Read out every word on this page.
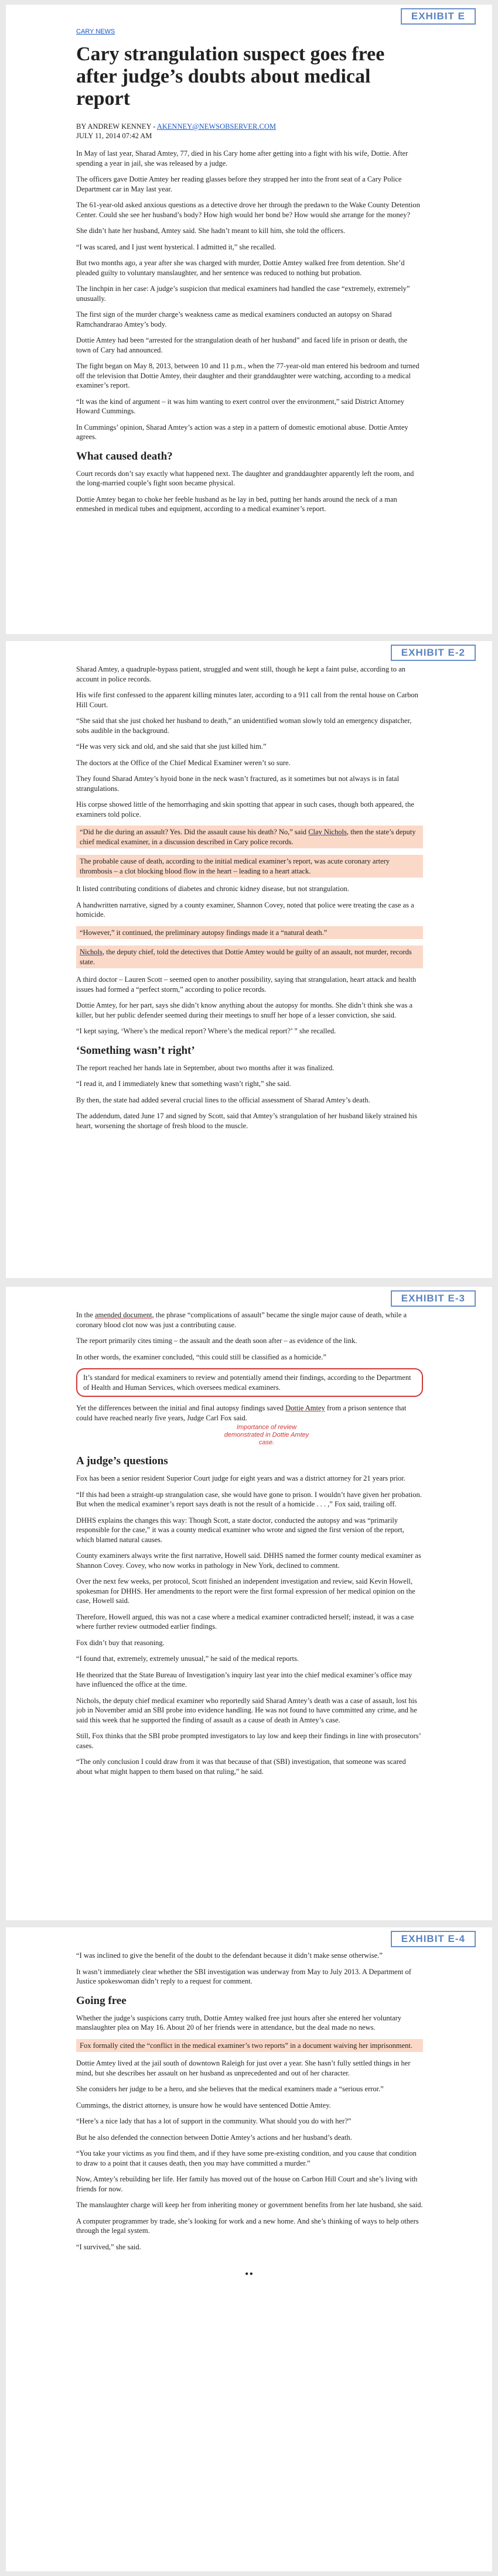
EXHIBIT E
CARY NEWS
Cary strangulation suspect goes free after judge’s doubts about medical report

BY ANDREW KENNEY - AKENNEY@NEWSOBSERVER.COM

JULY 11, 2014 07:42 AM

In May of last year, Sharad Amtey, 77, died in his Cary home after getting into a fight with his wife, Dottie. After spending a year in jail, she was released by a judge.

The officers gave Dottie Amtey her reading glasses before they strapped her into the front seat of a Cary Police Department car in May last year.

The 61-year-old asked anxious questions as a detective drove her through the predawn to the Wake County Detention Center. Could she see her husband’s body? How high would her bond be? How would she arrange for the money?

She didn’t hate her husband, Amtey said. She hadn’t meant to kill him, she told the officers.

“I was scared, and I just went hysterical. I admitted it,” she recalled.

But two months ago, a year after she was charged with murder, Dottie Amtey walked free from detention. She’d pleaded guilty to voluntary manslaughter, and her sentence was reduced to nothing but probation.

The linchpin in her case: A judge’s suspicion that medical examiners had handled the case “extremely, extremely” unusually.

The first sign of the murder charge’s weakness came as medical examiners conducted an autopsy on Sharad Ramchandrarao Amtey’s body.

Dottie Amtey had been “arrested for the strangulation death of her husband” and faced life in prison or death, the town of Cary had announced.

The fight began on May 8, 2013, between 10 and 11 p.m., when the 77-year-old man entered his bedroom and turned off the television that Dottie Amtey, their daughter and their granddaughter were watching, according to a medical examiner’s report.

“It was the kind of argument – it was him wanting to exert control over the environment,” said District Attorney Howard Cummings.

In Cummings’ opinion, Sharad Amtey’s action was a step in a pattern of domestic emotional abuse. Dottie Amtey agrees.

What caused death?

Court records don’t say exactly what happened next. The daughter and granddaughter apparently left the room, and the long-married couple’s fight soon became physical.

Dottie Amtey began to choke her feeble husband as he lay in bed, putting her hands around the neck of a man enmeshed in medical tubes and equipment, according to a medical examiner’s report.

EXHIBIT E-2

Sharad Amtey, a quadruple-bypass patient, struggled and went still, though he kept a faint pulse, according to an account in police records.

His wife first confessed to the apparent killing minutes later, according to a 911 call from the rental house on Carbon Hill Court.

“She said that she just choked her husband to death,” an unidentified woman slowly told an emergency dispatcher, sobs audible in the background.

“He was very sick and old, and she said that she just killed him.”

The doctors at the Office of the Chief Medical Examiner weren’t so sure.

They found Sharad Amtey’s hyoid bone in the neck wasn’t fractured, as it sometimes but not always is in fatal strangulations.

His corpse showed little of the hemorrhaging and skin spotting that appear in such cases, though both appeared, the examiners told police.

“Did he die during an assault? Yes. Did the assault cause his death? No,” said Clay Nichols, then the state’s deputy chief medical examiner, in a discussion described in Cary police records.

The probable cause of death, according to the initial medical examiner’s report, was acute coronary artery thrombosis – a clot blocking blood flow in the heart – leading to a heart attack.

It listed contributing conditions of diabetes and chronic kidney disease, but not strangulation.

A handwritten narrative, signed by a county examiner, Shannon Covey, noted that police were treating the case as a homicide.

“However,” it continued, the preliminary autopsy findings made it a “natural death.”

Nichols, the deputy chief, told the detectives that Dottie Amtey would be guilty of an assault, not murder, records state.

A third doctor – Lauren Scott – seemed open to another possibility, saying that strangulation, heart attack and health issues had formed a “perfect storm,” according to police records.

Dottie Amtey, for her part, says she didn’t know anything about the autopsy for months. She didn’t think she was a killer, but her public defender seemed during their meetings to snuff her hope of a lesser conviction, she said.

“I kept saying, ‘Where’s the medical report? Where’s the medical report?’ ” she recalled.

‘Something wasn’t right’

The report reached her hands late in September, about two months after it was finalized.

“I read it, and I immediately knew that something wasn’t right,” she said.

By then, the state had added several crucial lines to the official assessment of Sharad Amtey’s death.

The addendum, dated June 17 and signed by Scott, said that Amtey’s strangulation of her husband likely strained his heart, worsening the shortage of fresh blood to the muscle.

EXHIBIT E-3

In the amended document, the phrase “complications of assault” became the single major cause of death, while a coronary blood clot now was just a contributing cause.

The report primarily cites timing – the assault and the death soon after – as evidence of the link.

In other words, the examiner concluded, “this could still be classified as a homicide.”

It’s standard for medical examiners to review and potentially amend their findings, according to the Department of Health and Human Services, which oversees medical examiners.

Yet the differences between the initial and final autopsy findings saved Dottie Amtey from a prison sentence that could have reached nearly five years, Judge Carl Fox said.

Importance of review demonstrated in Dottie Amtey case.
A judge’s questions

Fox has been a senior resident Superior Court judge for eight years and was a district attorney for 21 years prior.

“If this had been a straight-up strangulation case, she would have gone to prison. I wouldn’t have given her probation. But when the medical examiner’s report says death is not the result of a homicide . . . ,” Fox said, trailing off.

DHHS explains the changes this way: Though Scott, a state doctor, conducted the autopsy and was “primarily responsible for the case,” it was a county medical examiner who wrote and signed the first version of the report, which blamed natural causes.

County examiners always write the first narrative, Howell said. DHHS named the former county medical examiner as Shannon Covey. Covey, who now works in pathology in New York, declined to comment.

Over the next few weeks, per protocol, Scott finished an independent investigation and review, said Kevin Howell, spokesman for DHHS. Her amendments to the report were the first formal expression of her medical opinion on the case, Howell said.

Therefore, Howell argued, this was not a case where a medical examiner contradicted herself; instead, it was a case where further review outmoded earlier findings.

Fox didn’t buy that reasoning.

“I found that, extremely, extremely unusual,” he said of the medical reports.

He theorized that the State Bureau of Investigation’s inquiry last year into the chief medical examiner’s office may have influenced the office at the time.

Nichols, the deputy chief medical examiner who reportedly said Sharad Amtey’s death was a case of assault, lost his job in November amid an SBI probe into evidence handling. He was not found to have committed any crime, and he said this week that he supported the finding of assault as a cause of death in Amtey’s case.

Still, Fox thinks that the SBI probe prompted investigators to lay low and keep their findings in line with prosecutors’ cases.

“The only conclusion I could draw from it was that because of that (SBI) investigation, that someone was scared about what might happen to them based on that ruling,” he said.

EXHIBIT E-4

“I was inclined to give the benefit of the doubt to the defendant because it didn’t make sense otherwise.”

It wasn’t immediately clear whether the SBI investigation was underway from May to July 2013. A Department of Justice spokeswoman didn’t reply to a request for comment.

Going free

Whether the judge’s suspicions carry truth, Dottie Amtey walked free just hours after she entered her voluntary manslaughter plea on May 16. About 20 of her friends were in attendance, but the deal made no news.

Fox formally cited the “conflict in the medical examiner’s two reports” in a document waiving her imprisonment.

Dottie Amtey lived at the jail south of downtown Raleigh for just over a year. She hasn’t fully settled things in her mind, but she describes her assault on her husband as unprecedented and out of her character.

She considers her judge to be a hero, and she believes that the medical examiners made a “serious error.”

Cummings, the district attorney, is unsure how he would have sentenced Dottie Amtey.

“Here’s a nice lady that has a lot of support in the community. What should you do with her?”

But he also defended the connection between Dottie Amtey’s actions and her husband’s death.

“You take your victims as you find them, and if they have some pre-existing condition, and you cause that condition to draw to a point that it causes death, then you may have committed a murder.”

Now, Amtey’s rebuilding her life. Her family has moved out of the house on Carbon Hill Court and she’s living with friends for now.

The manslaughter charge will keep her from inheriting money or government benefits from her late husband, she said.

A computer programmer by trade, she’s looking for work and a new home. And she’s thinking of ways to help others through the legal system.

“I survived,” she said.

••
